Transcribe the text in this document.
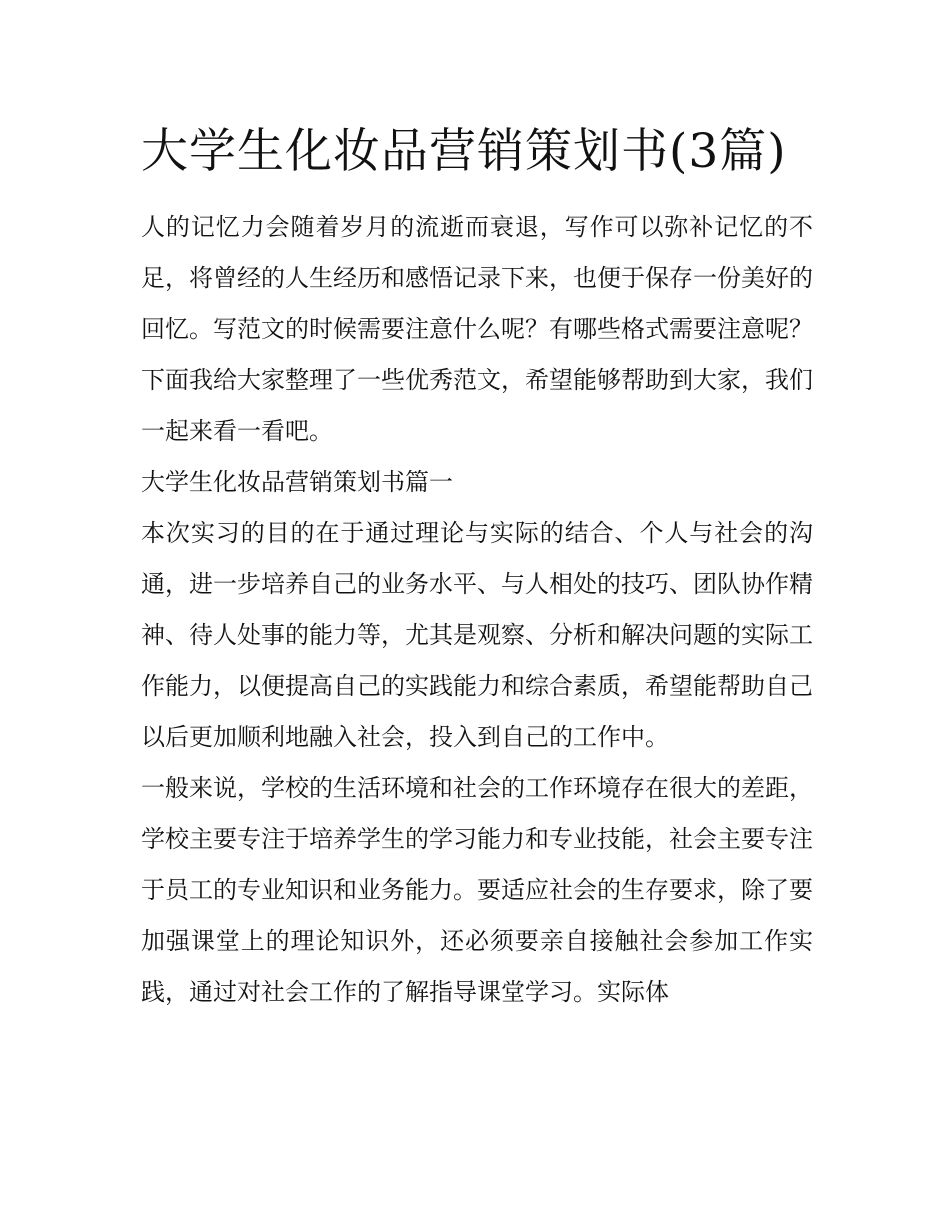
大学生化妆品营销策划书(3篇)

人的记忆力会随着岁月的流逝而衰退，写作可以弥补记忆的不足，将曾经的人生经历和感悟记录下来，也便于保存一份美好的回忆。写范文的时候需要注意什么呢？有哪些格式需要注意呢？下面我给大家整理了一些优秀范文，希望能够帮助到大家，我们一起来看一看吧。

大学生化妆品营销策划书篇一

本次实习的目的在于通过理论与实际的结合、个人与社会的沟通，进一步培养自己的业务水平、与人相处的技巧、团队协作精神、待人处事的能力等，尤其是观察、分析和解决问题的实际工作能力，以便提高自己的实践能力和综合素质，希望能帮助自己以后更加顺利地融入社会，投入到自己的工作中。

一般来说，学校的生活环境和社会的工作环境存在很大的差距，学校主要专注于培养学生的学习能力和专业技能，社会主要专注于员工的专业知识和业务能力。要适应社会的生存要求，除了要加强课堂上的理论知识外，还必须要亲自接触社会参加工作实践，通过对社会工作的了解指导课堂学习。实际体
